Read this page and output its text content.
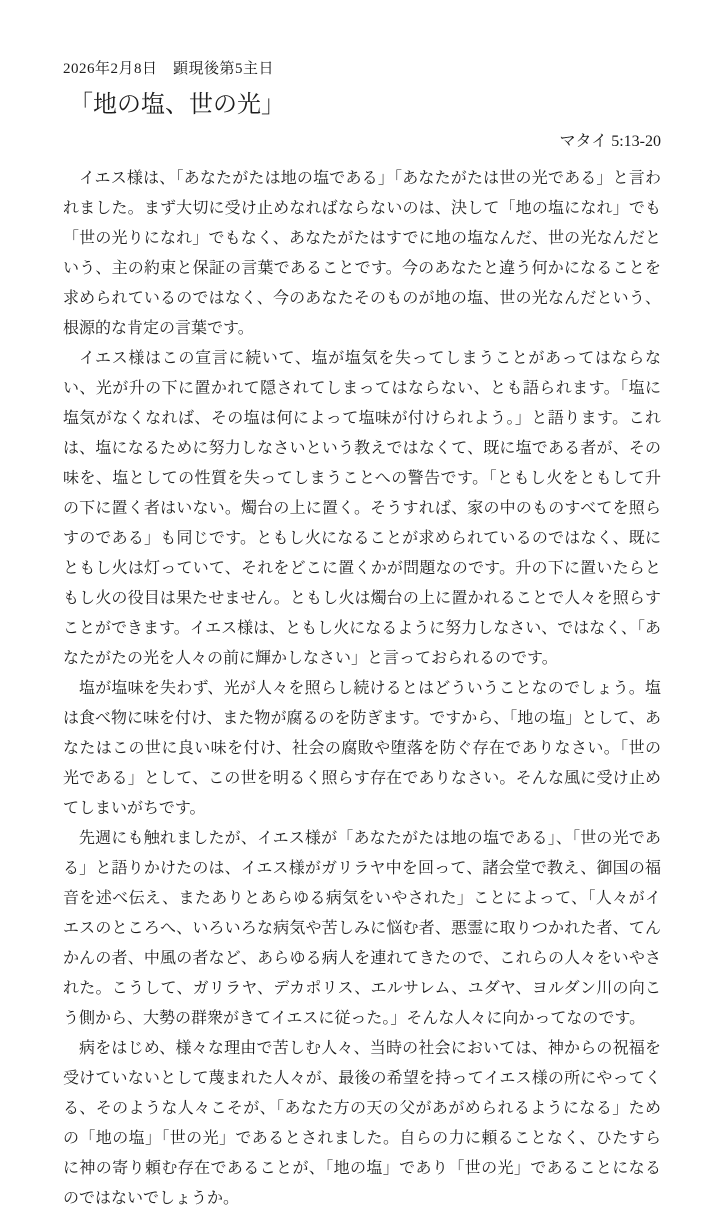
2026年2月8日　顕現後第5主日
「地の塩、世の光」
マタイ 5:13-20

イエス様は、「あなたがたは地の塩である」「あなたがたは世の光である」と言われました。まず大切に受け止めなればならないのは、決して「地の塩になれ」でも「世の光りになれ」でもなく、あなたがたはすでに地の塩なんだ、世の光なんだという、主の約束と保証の言葉であることです。今のあなたと違う何かになることを求められているのではなく、今のあなたそのものが地の塩、世の光なんだという、根源的な肯定の言葉です。

イエス様はこの宣言に続いて、塩が塩気を失ってしまうことがあってはならない、光が升の下に置かれて隠されてしまってはならない、とも語られます。「塩に塩気がなくなれば、その塩は何によって塩味が付けられよう。」と語ります。これは、塩になるために努力しなさいという教えではなくて、既に塩である者が、その味を、塩としての性質を失ってしまうことへの警告です。「ともし火をともして升の下に置く者はいない。燭台の上に置く。そうすれば、家の中のものすべてを照らすのである」も同じです。ともし火になることが求められているのではなく、既にともし火は灯っていて、それをどこに置くかが問題なのです。升の下に置いたらともし火の役目は果たせません。ともし火は燭台の上に置かれることで人々を照らすことができます。イエス様は、ともし火になるように努力しなさい、ではなく、「あなたがたの光を人々の前に輝かしなさい」と言っておられるのです。

塩が塩味を失わず、光が人々を照らし続けるとはどういうことなのでしょう。塩は食べ物に味を付け、また物が腐るのを防ぎます。ですから、「地の塩」として、あなたはこの世に良い味を付け、社会の腐敗や堕落を防ぐ存在でありなさい。「世の光である」として、この世を明るく照らす存在でありなさい。そんな風に受け止めてしまいがちです。

先週にも触れましたが、イエス様が「あなたがたは地の塩である」、「世の光である」と語りかけたのは、イエス様がガリラヤ中を回って、諸会堂で教え、御国の福音を述べ伝え、またありとあらゆる病気をいやされた」ことによって、「人々がイエスのところへ、いろいろな病気や苦しみに悩む者、悪霊に取りつかれた者、てんかんの者、中風の者など、あらゆる病人を連れてきたので、これらの人々をいやされた。こうして、ガリラヤ、デカポリス、エルサレム、ユダヤ、ヨルダン川の向こう側から、大勢の群衆がきてイエスに従った。」そんな人々に向かってなのです。

病をはじめ、様々な理由で苦しむ人々、当時の社会においては、神からの祝福を受けていないとして蔑まれた人々が、最後の希望を持ってイエス様の所にやってくる、そのような人々こそが、「あなた方の天の父があがめられるようになる」ための「地の塩」「世の光」であるとされました。自らの力に頼ることなく、ひたすらに神の寄り頼む存在であることが、「地の塩」であり「世の光」であることになるのではないでしょうか。
